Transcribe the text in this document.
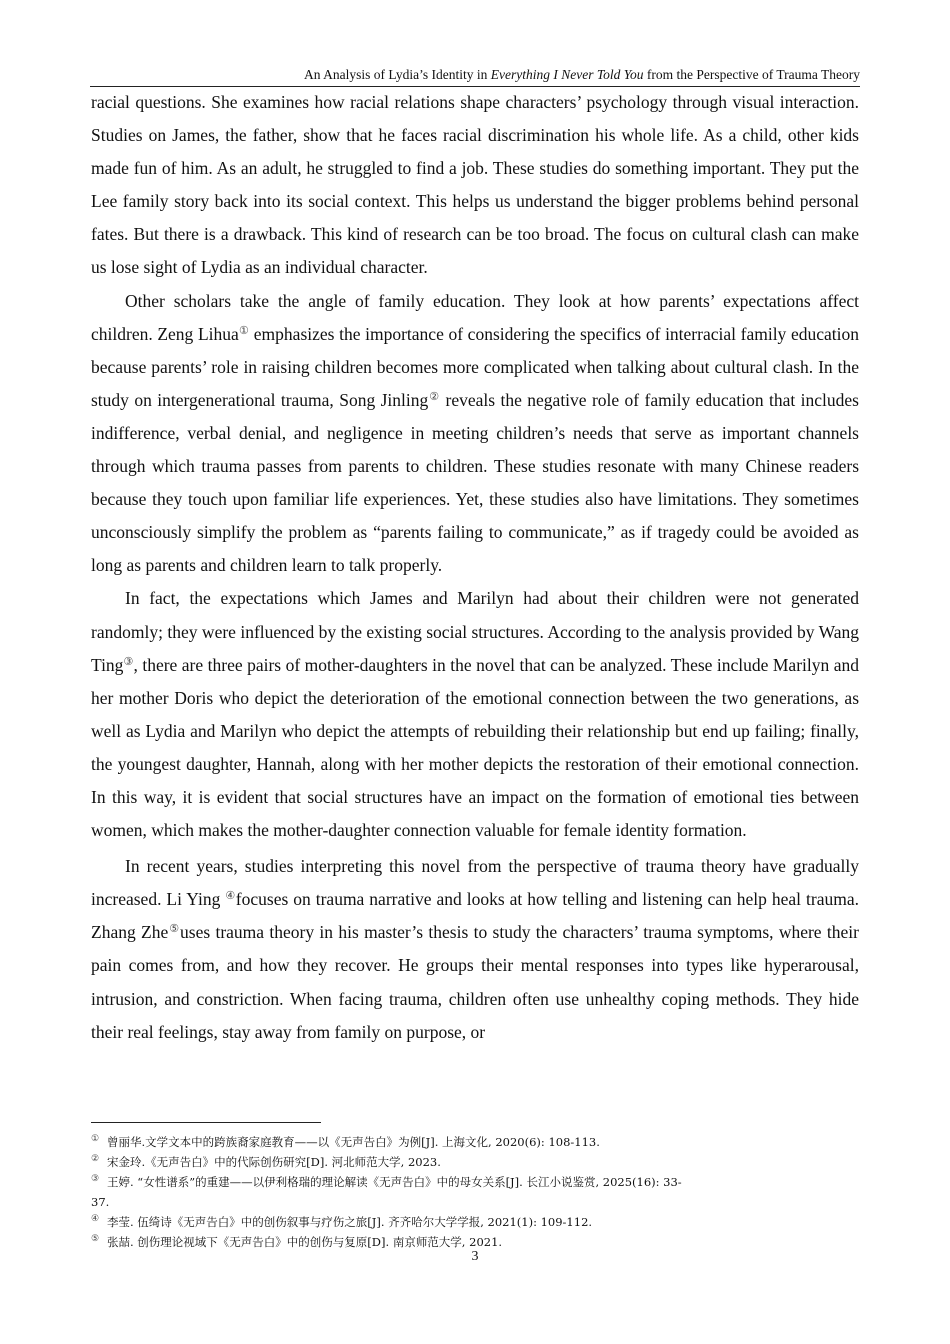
An Analysis of Lydia’s Identity in Everything I Never Told You from the Perspective of Trauma Theory

racial questions. She examines how racial relations shape characters’ psychology through visual interaction. Studies on James, the father, show that he faces racial discrimination his whole life. As a child, other kids made fun of him. As an adult, he struggled to find a job. These studies do something important. They put the Lee family story back into its social context. This helps us understand the bigger problems behind personal fates. But there is a drawback. This kind of research can be too broad. The focus on cultural clash can make us lose sight of Lydia as an individual character.

Other scholars take the angle of family education. They look at how parents’ expectations affect children. Zeng Lihua① emphasizes the importance of considering the specifics of interracial family education because parents’ role in raising children becomes more complicated when talking about cultural clash. In the study on intergenerational trauma, Song Jinling② reveals the negative role of family education that includes indifference, verbal denial, and negligence in meeting children’s needs that serve as important channels through which trauma passes from parents to children. These studies resonate with many Chinese readers because they touch upon familiar life experiences. Yet, these studies also have limitations. They sometimes unconsciously simplify the problem as “parents failing to communicate,” as if tragedy could be avoided as long as parents and children learn to talk properly.

In fact, the expectations which James and Marilyn had about their children were not generated randomly; they were influenced by the existing social structures. According to the analysis provided by Wang Ting③, there are three pairs of mother-daughters in the novel that can be analyzed. These include Marilyn and her mother Doris who depict the deterioration of the emotional connection between the two generations, as well as Lydia and Marilyn who depict the attempts of rebuilding their relationship but end up failing; finally, the youngest daughter, Hannah, along with her mother depicts the restoration of their emotional connection. In this way, it is evident that social structures have an impact on the formation of emotional ties between women, which makes the mother-daughter connection valuable for female identity formation.

In recent years, studies interpreting this novel from the perspective of trauma theory have gradually increased. Li Ying ④focuses on trauma narrative and looks at how telling and listening can help heal trauma. Zhang Zhe⑤uses trauma theory in his master’s thesis to study the characters’ trauma symptoms, where their pain comes from, and how they recover. He groups their mental responses into types like hyperarousal, intrusion, and constriction. When facing trauma, children often use unhealthy coping methods. They hide their real feelings, stay away from family on purpose, or

① 曾丽华.文学文本中的跨族裔家庭教育——以《无声告白》为例[J]. 上海文化, 2020(6): 108-113.
② 宋金玲.《无声告白》中的代际创伤研究[D]. 河北师范大学, 2023.
③ 王婷. “女性谱系”的重建——以伊利格瑞的理论解读《无声告白》中的母女关系[J]. 长江小说鉴赏, 2025(16): 33-
37.
④ 李莹. 伍绮诗《无声告白》中的创伤叙事与疗伤之旅[J]. 齐齐哈尔大学学报, 2021(1): 109-112.
⑤ 张喆. 创伤理论视域下《无声告白》中的创伤与复原[D]. 南京师范大学, 2021.
3
